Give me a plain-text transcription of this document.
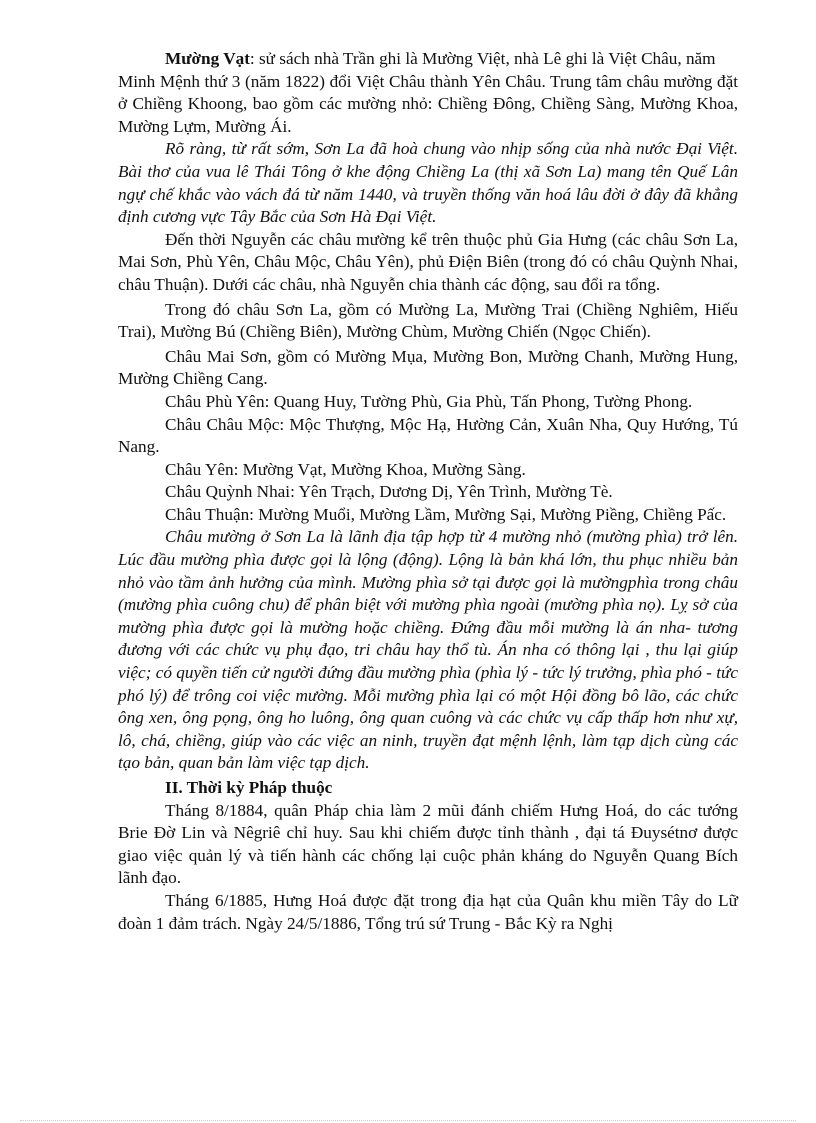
Mường Vạt: sử sách nhà Trần ghi là Mường Việt, nhà Lê ghi là Việt Châu, năm

Minh Mệnh thứ 3 (năm 1822) đổi Việt Châu thành Yên Châu. Trung tâm châu mường đặt ở Chiềng Khoong, bao gồm các mường nhỏ: Chiềng Đông, Chiềng Sàng, Mường Khoa, Mường Lựm, Mường Ái.

Rõ ràng, từ rất sớm, Sơn La đã hoà chung vào nhịp sống của nhà nước Đại Việt. Bài thơ của vua lê Thái Tông ở khe động Chiềng La (thị xã Sơn La) mang tên Quế Lân ngự chế khắc vào vách đá từ năm 1440, và truyền thống văn hoá lâu đời ở đây đã khẳng định cương vực Tây Bắc của Sơn Hà Đại Việt.

Đến thời Nguyễn các châu mường kể trên thuộc phủ Gia Hưng (các châu Sơn La, Mai Sơn, Phù Yên, Châu Mộc, Châu Yên), phủ Điện Biên (trong đó có châu Quỳnh Nhai, châu Thuận). Dưới các châu, nhà Nguyễn chia thành các động, sau đổi ra tổng.

Trong đó châu Sơn La, gồm có Mường La, Mường Trai (Chiềng Nghiêm, Hiếu Trai), Mường Bú (Chiềng Biên), Mường Chùm, Mường Chiến (Ngọc Chiến).

Châu Mai Sơn, gồm có Mường Mụa, Mường Bon, Mường Chanh, Mường Hung, Mường Chiềng Cang.

Châu Phù Yên: Quang Huy, Tường Phù, Gia Phù, Tấn Phong, Tường Phong.

Châu Châu Mộc: Mộc Thượng, Mộc Hạ, Hường Cản, Xuân Nha, Quy Hướng, Tú Nang.

Châu Yên: Mường Vạt, Mường Khoa, Mường Sàng.

Châu Quỳnh Nhai: Yên Trạch, Dương Dị, Yên Trình, Mường Tè.

Châu Thuận: Mường Muổi, Mường Lầm, Mường Sại, Mường Piềng, Chiềng Pấc.

Châu mường ở Sơn La là lãnh địa tập hợp từ 4 mường nhỏ (mường phìa) trở lên. Lúc đầu mường phìa được gọi là lộng (động). Lộng là bản khá lớn, thu phục nhiều bản nhỏ vào tầm ảnh hưởng của mình. Mường phìa sở tại được gọi là mườngphìa trong châu (mường phìa cuông chu) để phân biệt với mường phìa ngoài (mường phìa nọ). Lỵ sở của mường phìa được gọi là mường hoặc chiềng. Đứng đầu mỗi mường là án nha- tương đương với các chức vụ phụ đạo, tri châu hay thổ tù. Án nha có thông lại , thu lại giúp việc; có quyền tiến cử người đứng đầu mường phìa (phìa lý - tức lý trưởng, phìa phó - tức phó lý) để trông coi việc mường. Mỗi mường phìa lại có một Hội đồng bô lão, các chức ông xen, ông pọng, ông ho luông, ông quan cuông và các chức vụ cấp thấp hơn như xự, lô, chá, chiềng, giúp vào các việc an ninh, truyền đạt mệnh lệnh, làm tạp dịch cùng các tạo bản, quan bản làm việc tạp dịch.

II. Thời kỳ Pháp thuộc

Tháng 8/1884, quân Pháp chia làm 2 mũi đánh chiếm Hưng Hoá, do các tướng Brie Đờ Lin và Nêgriê chỉ huy. Sau khi chiếm được tỉnh thành , đại tá Đuysétnơ được giao việc quản lý và tiến hành các chống lại cuộc phản kháng do Nguyễn Quang Bích lãnh đạo.

Tháng 6/1885, Hưng Hoá được đặt trong địa hạt của Quân khu miền Tây do Lữ đoàn 1 đảm trách. Ngày 24/5/1886, Tổng trú sứ Trung - Bắc Kỳ ra Nghị
